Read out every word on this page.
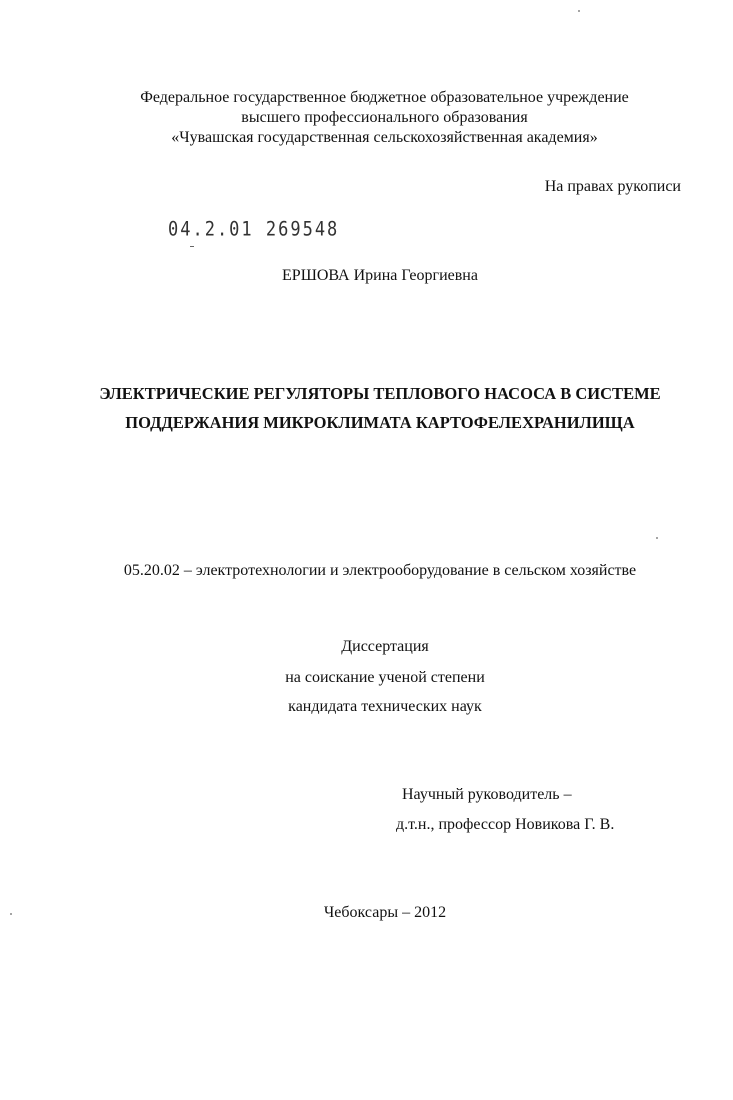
Федеральное государственное бюджетное образовательное учреждение
высшего профессионального образования
«Чувашская государственная сельскохозяйственная академия»
На правах рукописи
04.2.01 269548
ЕРШОВА Ирина Георгиевна
ЭЛЕКТРИЧЕСКИЕ РЕГУЛЯТОРЫ ТЕПЛОВОГО НАСОСА В СИСТЕМЕ
ПОДДЕРЖАНИЯ МИКРОКЛИМАТА КАРТОФЕЛЕХРАНИЛИЩА
05.20.02 – электротехнологии и электрооборудование в сельском хозяйстве
Диссертация
на соискание ученой степени
кандидата технических наук
Научный руководитель –
д.т.н., профессор Новикова Г. В.
Чебоксары – 2012
